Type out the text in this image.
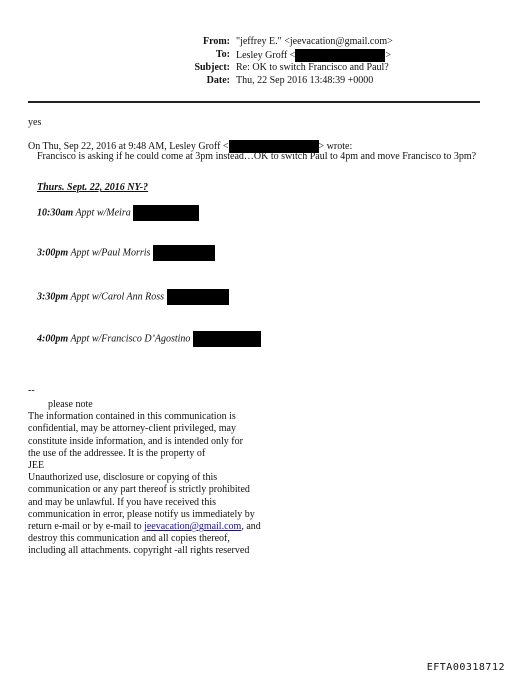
From: "jeffrey E." <jeevacation@gmail.com>
To: Lesley Groff <	>
Subject: Re: OK to switch Francisco and Paul?
Date: Thu, 22 Sep 2016 13:48:39 +0000
yes
On Thu, Sep 22, 2016 at 9:48 AM, Lesley Groff <	> wrote:
Francisco is asking if he could come at 3pm instead…OK to switch Paul to 4pm and move Francisco to 3pm?
Thurs. Sept. 22, 2016 NY-?
10:30am Appt w/Meira
3:00pm Appt w/Paul Morris
3:30pm Appt w/Carol Ann Ross
4:00pm Appt w/Francisco D’Agostino
--
please note
The information contained in this communication is
confidential, may be attorney-client privileged, may
constitute inside information, and is intended only for
the use of the addressee. It is the property of
JEE
Unauthorized use, disclosure or copying of this
communication or any part thereof is strictly prohibited
and may be unlawful. If you have received this
communication in error, please notify us immediately by
return e-mail or by e-mail to jeevacation@gmail.com, and
destroy this communication and all copies thereof,
including all attachments. copyright -all rights reserved
EFTA00318712
